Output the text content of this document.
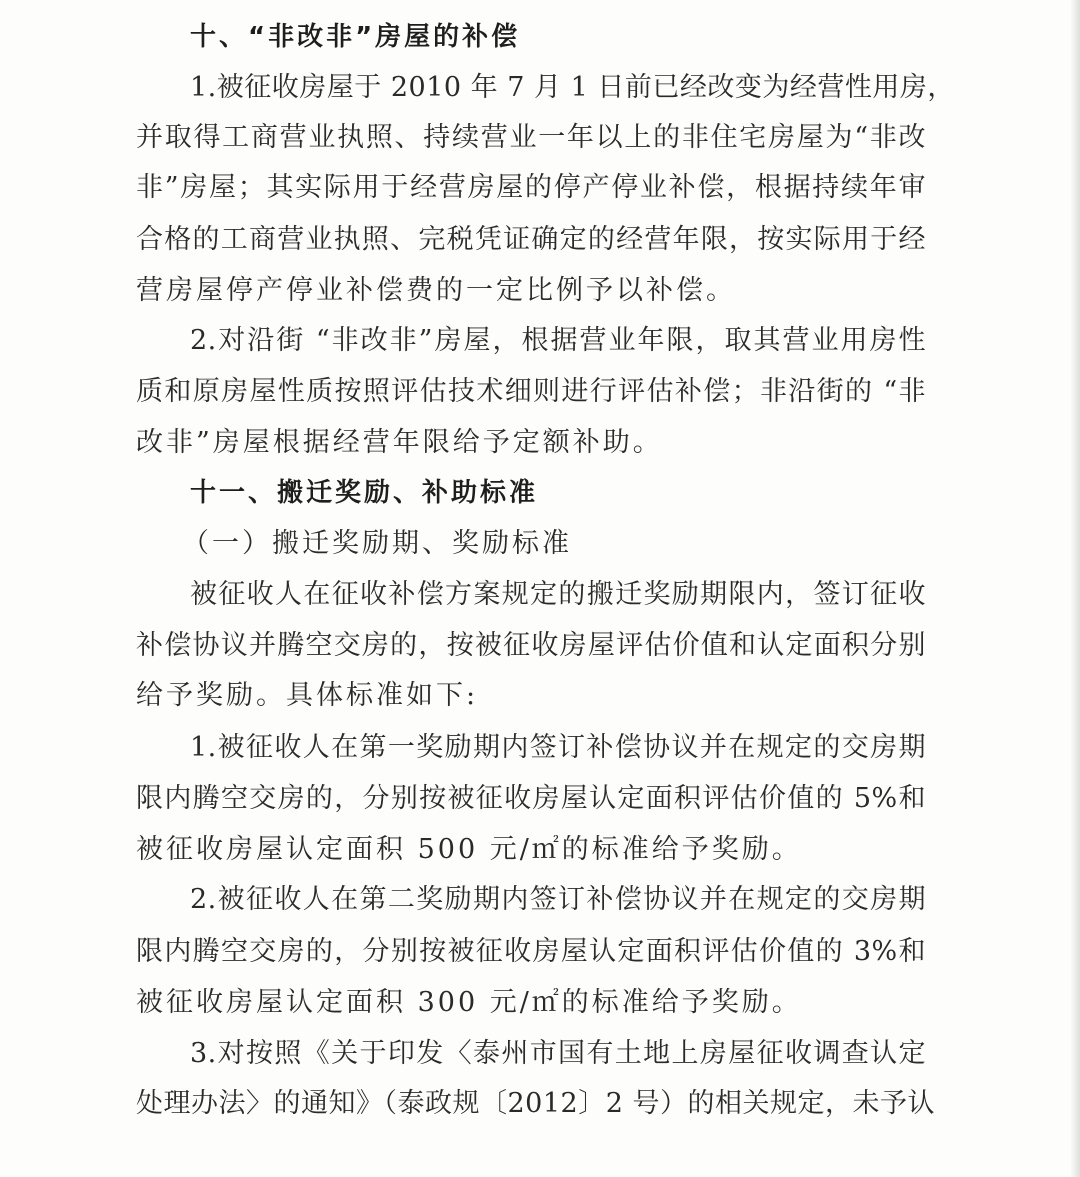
十、“非改非”房屋的补偿
1.被征收房屋于 2010 年 7 月 1 日前已经改变为经营性用房，
并取得工商营业执照、持续营业一年以上的非住宅房屋为“非改
非”房屋；其实际用于经营房屋的停产停业补偿，根据持续年审
合格的工商营业执照、完税凭证确定的经营年限，按实际用于经
营房屋停产停业补偿费的一定比例予以补偿。
2.对沿街 “非改非”房屋，根据营业年限，取其营业用房性
质和原房屋性质按照评估技术细则进行评估补偿；非沿街的 “非
改非”房屋根据经营年限给予定额补助。
十一、搬迁奖励、补助标准
（一）搬迁奖励期、奖励标准
被征收人在征收补偿方案规定的搬迁奖励期限内，签订征收
补偿协议并腾空交房的，按被征收房屋评估价值和认定面积分别
给予奖励。具体标准如下:
1.被征收人在第一奖励期内签订补偿协议并在规定的交房期
限内腾空交房的，分别按被征收房屋认定面积评估价值的 5%和
被征收房屋认定面积 500 元/㎡的标准给予奖励。
2.被征收人在第二奖励期内签订补偿协议并在规定的交房期
限内腾空交房的，分别按被征收房屋认定面积评估价值的 3%和
被征收房屋认定面积 300 元/㎡的标准给予奖励。
3.对按照《关于印发〈泰州市国有土地上房屋征收调查认定
处理办法〉的通知》（泰政规〔2012〕2 号）的相关规定，未予认
